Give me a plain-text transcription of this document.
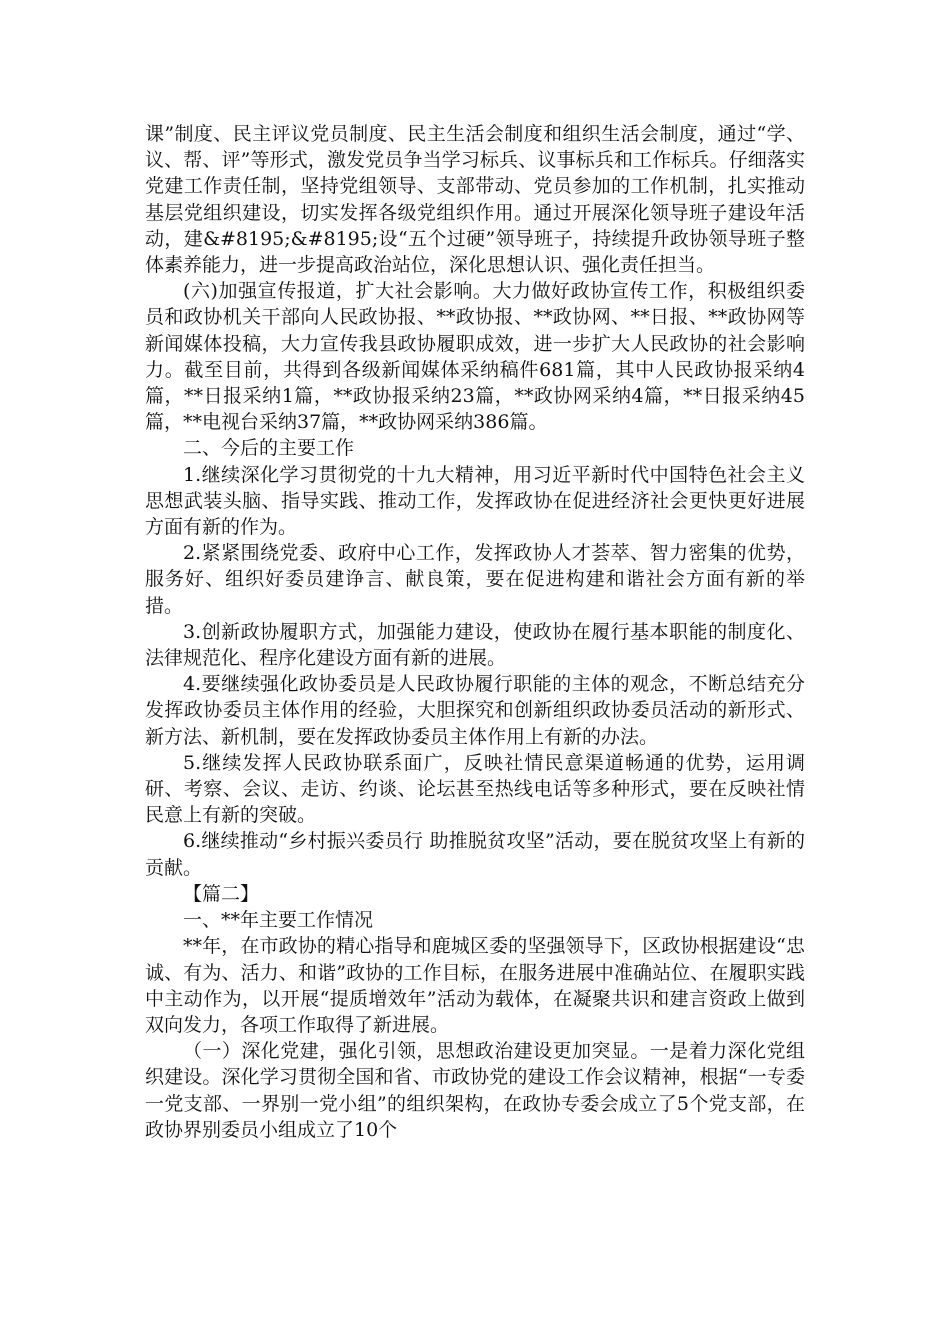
课”制度、民主评议党员制度、民主生活会制度和组织生活会制度，通过“学、议、帮、评”等形式，激发党员争当学习标兵、议事标兵和工作标兵。仔细落实党建工作责任制，坚持党组领导、支部带动、党员参加的工作机制，扎实推动基层党组织建设，切实发挥各级党组织作用。通过开展深化领导班子建设年活动，建&#8195;&#8195;设“五个过硬”领导班子，持续提升政协领导班子整体素养能力，进一步提高政治站位，深化思想认识、强化责任担当。

(六)加强宣传报道，扩大社会影响。大力做好政协宣传工作，积极组织委员和政协机关干部向人民政协报、**政协报、**政协网、**日报、**政协网等新闻媒体投稿，大力宣传我县政协履职成效，进一步扩大人民政协的社会影响力。截至目前，共得到各级新闻媒体采纳稿件681篇，其中人民政协报采纳4篇，**日报采纳1篇，**政协报采纳23篇，**政协网采纳4篇，**日报采纳45篇，**电视台采纳37篇，**政协网采纳386篇。

二、今后的主要工作

1.继续深化学习贯彻党的十九大精神，用习近平新时代中国特色社会主义思想武装头脑、指导实践、推动工作，发挥政协在促进经济社会更快更好进展方面有新的作为。

2.紧紧围绕党委、政府中心工作，发挥政协人才荟萃、智力密集的优势，服务好、组织好委员建诤言、献良策，要在促进构建和谐社会方面有新的举措。

3.创新政协履职方式，加强能力建设，使政协在履行基本职能的制度化、法律规范化、程序化建设方面有新的进展。

4.要继续强化政协委员是人民政协履行职能的主体的观念，不断总结充分发挥政协委员主体作用的经验，大胆探究和创新组织政协委员活动的新形式、新方法、新机制，要在发挥政协委员主体作用上有新的办法。

5.继续发挥人民政协联系面广，反映社情民意渠道畅通的优势，运用调研、考察、会议、走访、约谈、论坛甚至热线电话等多种形式，要在反映社情民意上有新的突破。

6.继续推动“乡村振兴委员行 助推脱贫攻坚”活动，要在脱贫攻坚上有新的贡献。

【篇二】

一、**年主要工作情况

**年，在市政协的精心指导和鹿城区委的坚强领导下，区政协根据建设“忠诚、有为、活力、和谐”政协的工作目标，在服务进展中准确站位、在履职实践中主动作为，以开展“提质增效年”活动为载体，在凝聚共识和建言资政上做到双向发力，各项工作取得了新进展。

（一）深化党建，强化引领，思想政治建设更加突显。一是着力深化党组织建设。深化学习贯彻全国和省、市政协党的建设工作会议精神，根据“一专委一党支部、一界别一党小组”的组织架构，在政协专委会成立了5个党支部，在政协界别委员小组成立了10个
